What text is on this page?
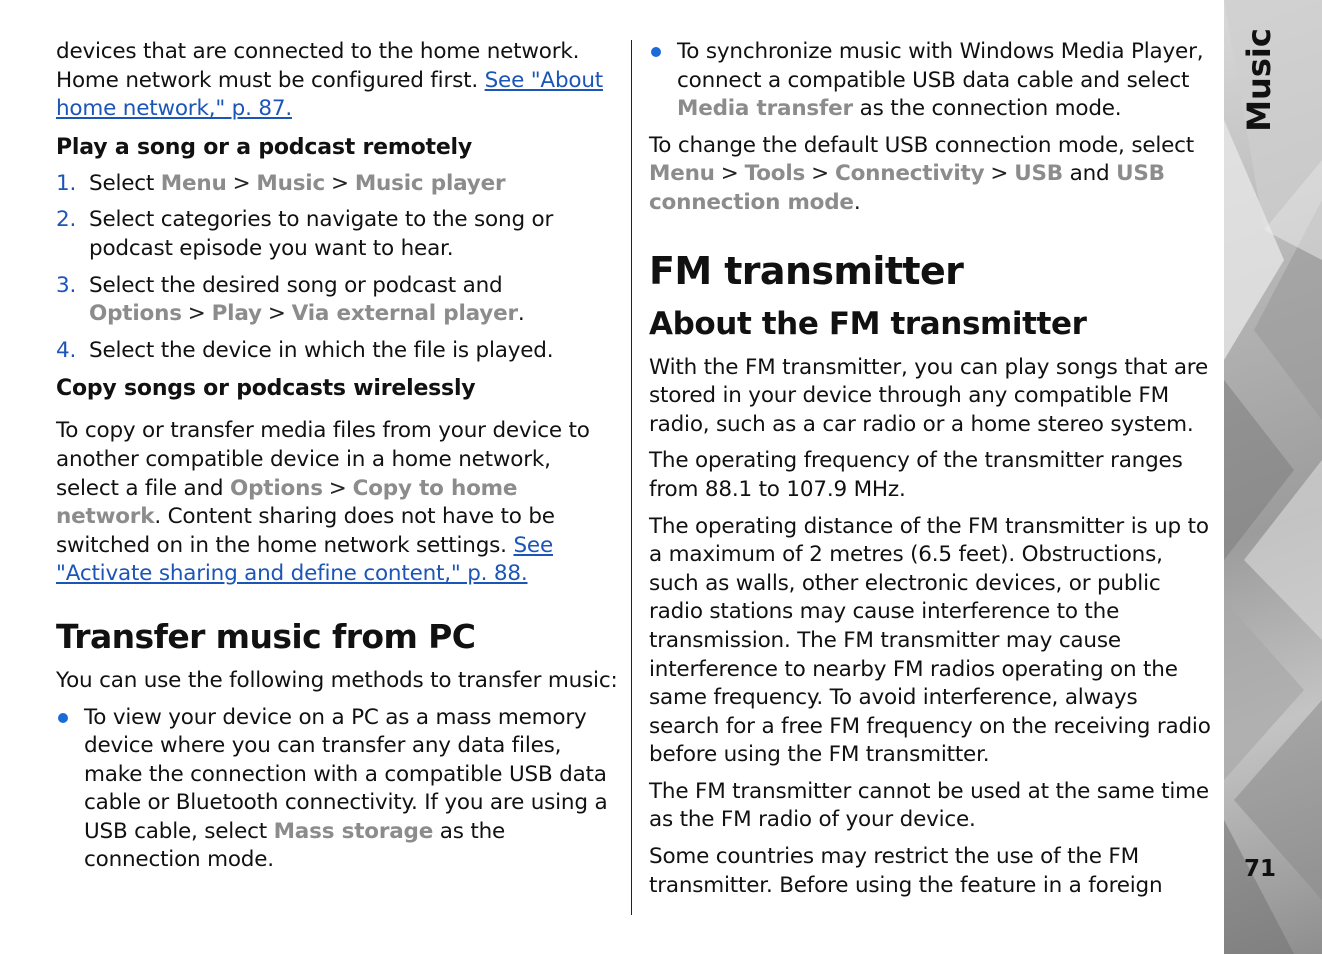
devices that are connected to the home network. Home network must be configured first. See "About home network," p. 87.

Play a song or a podcast remotely
1. Select Menu > Music > Music player
2. Select categories to navigate to the song or podcast episode you want to hear.
3. Select the desired song or podcast and Options > Play > Via external player.
4. Select the device in which the file is played.
Copy songs or podcasts wirelessly

To copy or transfer media files from your device to another compatible device in a home network, select a file and Options > Copy to home network. Content sharing does not have to be switched on in the home network settings. See "Activate sharing and define content," p. 88.

Transfer music from PC

You can use the following methods to transfer music:

To view your device on a PC as a mass memory device where you can transfer any data files, make the connection with a compatible USB data cable or Bluetooth connectivity. If you are using a USB cable, select Mass storage as the connection mode.
To synchronize music with Windows Media Player, connect a compatible USB data cable and select Media transfer as the connection mode.

To change the default USB connection mode, select Menu > Tools > Connectivity > USB and USB connection mode.

FM transmitter
About the FM transmitter

With the FM transmitter, you can play songs that are stored in your device through any compatible FM radio, such as a car radio or a home stereo system.

The operating frequency of the transmitter ranges from 88.1 to 107.9 MHz.

The operating distance of the FM transmitter is up to a maximum of 2 metres (6.5 feet). Obstructions, such as walls, other electronic devices, or public radio stations may cause interference to the transmission. The FM transmitter may cause interference to nearby FM radios operating on the same frequency. To avoid interference, always search for a free FM frequency on the receiving radio before using the FM transmitter.

The FM transmitter cannot be used at the same time as the FM radio of your device.

Some countries may restrict the use of the FM transmitter. Before using the feature in a foreign

Music
71
